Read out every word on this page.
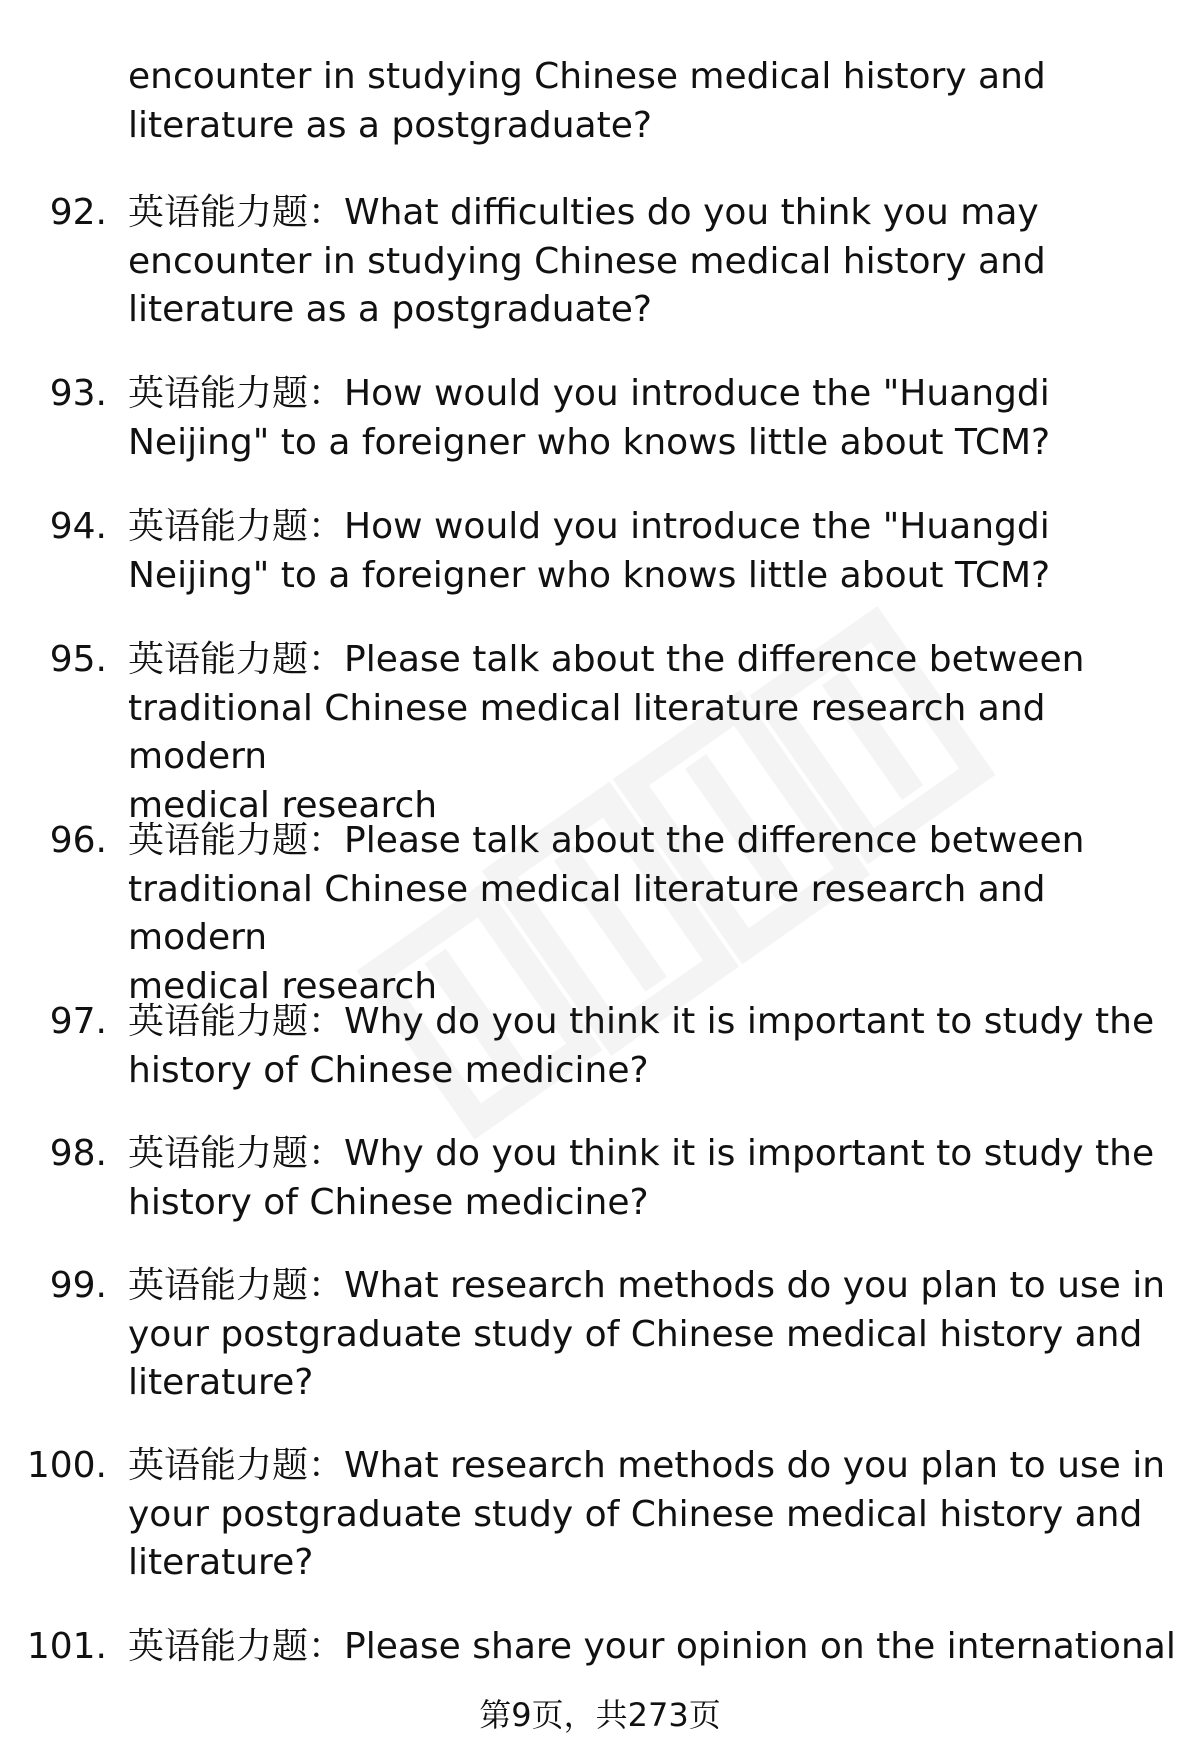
encounter in studying Chinese medical history and
literature as a postgraduate?
92. 英语能力题：What difficulties do you think you may
encounter in studying Chinese medical history and
literature as a postgraduate?
93. 英语能力题：How would you introduce the "Huangdi
Neijing" to a foreigner who knows little about TCM?
94. 英语能力题：How would you introduce the "Huangdi
Neijing" to a foreigner who knows little about TCM?
95. 英语能力题：Please talk about the difference between
traditional Chinese medical literature research and modern
medical research
96. 英语能力题：Please talk about the difference between
traditional Chinese medical literature research and modern
medical research
97. 英语能力题：Why do you think it is important to study the
history of Chinese medicine?
98. 英语能力题：Why do you think it is important to study the
history of Chinese medicine?
99. 英语能力题：What research methods do you plan to use in
your postgraduate study of Chinese medical history and
literature?
100. 英语能力题：What research methods do you plan to use in
your postgraduate study of Chinese medical history and
literature?
101. 英语能力题：Please share your opinion on the international
第9页，共273页
